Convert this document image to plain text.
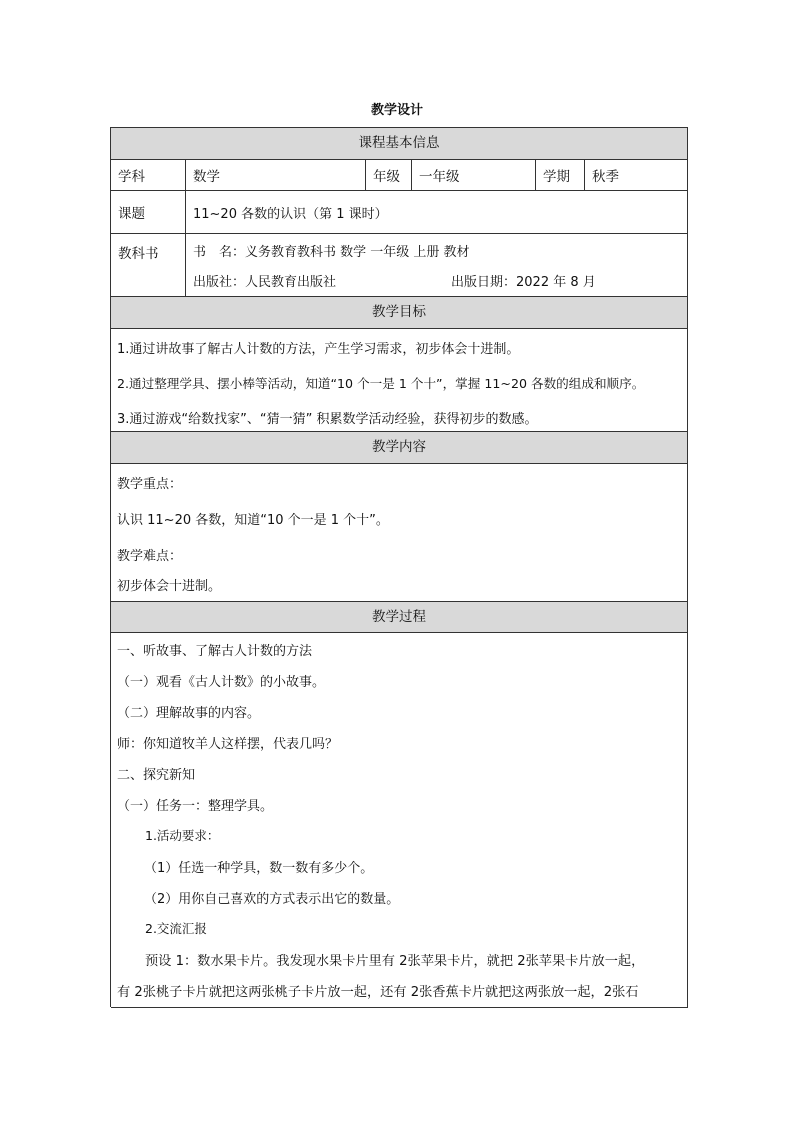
教学设计
课程基本信息
学科	数学	年级	一年级	学期	秋季
课题	11~20 各数的认识（第 1 课时）
教科书	书　名：义务教育教科书 数学 一年级 上册 教材
出版社：人民教育出版社	出版日期：2022 年 8 月
教学目标
1.通过讲故事了解古人计数的方法，产生学习需求，初步体会十进制。
2.通过整理学具、摆小棒等活动，知道“10 个一是 1 个十”，掌握 11~20 各数的组成和顺序。
3.通过游戏“给数找家”、“猜一猜” 积累数学活动经验，获得初步的数感。
教学内容
教学重点：
认识 11~20 各数，知道“10 个一是 1 个十”。
教学难点：
初步体会十进制。
教学过程
一、听故事、了解古人计数的方法
（一）观看《古人计数》的小故事。
（二）理解故事的内容。
师：你知道牧羊人这样摆，代表几吗？
二、探究新知
（一）任务一：整理学具。
1.活动要求：
（1）任选一种学具，数一数有多少个。
（2）用你自己喜欢的方式表示出它的数量。
2.交流汇报
预设 1：数水果卡片。我发现水果卡片里有 2张苹果卡片，就把 2张苹果卡片放一起，
有 2张桃子卡片就把这两张桃子卡片放一起，还有 2张香蕉卡片就把这两张放一起，2张石
